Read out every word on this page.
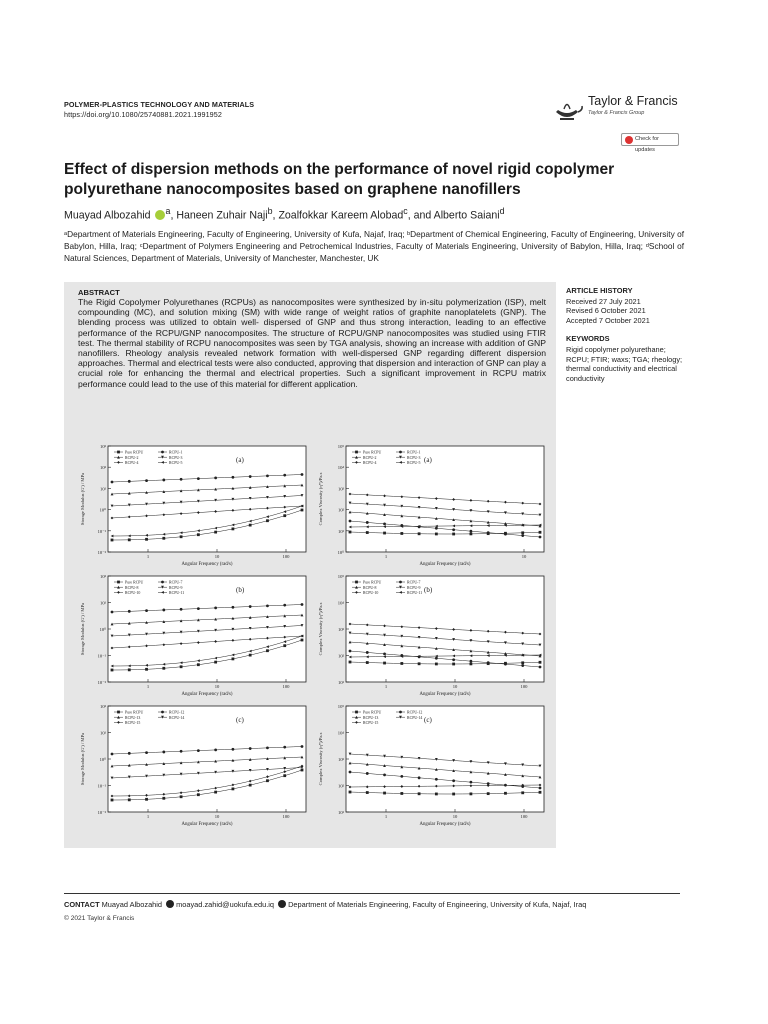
POLYMER-PLASTICS TECHNOLOGY AND MATERIALS
https://doi.org/10.1080/25740881.2021.1991952
Taylor & Francis
Taylor & Francis Group
Check for updates
Effect of dispersion methods on the performance of novel rigid copolymer polyurethane nanocomposites based on graphene nanofillers
Muayad Albozahid $^a$, Haneen Zuhair Naji$^b$, Zoalfokkar Kareem Alobad$^c$, and Alberto Saiani$^d$
ᵃDepartment of Materials Engineering, Faculty of Engineering, University of Kufa, Najaf, Iraq; ᵇDepartment of Chemical Engineering, Faculty of Engineering, University of Babylon, Hilla, Iraq; ᶜDepartment of Polymers Engineering and Petrochemical Industries, Faculty of Materials Engineering, University of Babylon, Hilla, Iraq; ᵈSchool of Natural Sciences, Department of Materials, University of Manchester, Manchester, UK
ABSTRACT
The Rigid Copolymer Polyurethanes (RCPUs) as nanocomposites were synthesized by in-situ polymerization (ISP), melt compounding (MC), and solution mixing (SM) with wide range of weight ratios of graphite nanoplatelets (GNP). The blending process was utilized to obtain well- dispersed of GNP and thus strong interaction, leading to an effective performance of the RCPU/GNP nanocomposites. The structure of RCPU/GNP nanocomposites was studied using FTIR test. The thermal stability of RCPU nanocomposites was seen by TGA analysis, showing an increase with addition of GNP nanofillers. Rheology analysis revealed network formation with well-dispersed GNP regarding different dispersion approaches. Thermal and electrical tests were also conducted, approving that dispersion and interaction of GNP can play a crucial role for enhancing the thermal and electrical properties. Such a significant improvement in RCPU matrix performance could lead to the use of this material for different application.
10³
10²
10¹
10⁰
10⁻¹
10⁻²
1	10	100
Angular Frequency (rad/s)
Storage Modulus (G') / MPa
(a)
Pure RCPU	RCPU-1
RCPU-2	RCPU-3
RCPU-4	RCPU-5
10⁵
10⁴
10³
10²
10¹
10⁰
1	10
Angular Frequency (rad/s)
Complex Viscosity (η*)/Pa.s
(a)
Pure RCPU	RCPU-1
RCPU-2	RCPU-3
RCPU-4	RCPU-5
10²
10¹
10⁰
10⁻¹
10⁻²
1	10	100
Angular Frequency (rad/s)
Storage Modulus (G') / MPa
(b)
Pure RCPU	RCPU-7
RCPU-8	RCPU-9
RCPU-10	RCPU-11
10⁵
10⁴
10³
10²
10¹
1	10	100
Angular Frequency (rad/s)
Complex Viscosity (η*)/Pa.s
(b)
Pure RCPU	RCPU-7
RCPU-8	RCPU-9
RCPU-10	RCPU-11
10²
10¹
10⁰
10⁻¹
10⁻²
1	10	100
Angular Frequency (rad/s)
Storage Modulus (G') / MPa
(c)
Pure RCPU	RCPU-12
RCPU-13	RCPU-14
RCPU-15
10⁵
10⁴
10³
10²
10¹
1	10	100
Angular Frequency (rad/s)
Complex Viscosity (η*)/Pa.s
(c)
Pure RCPU	RCPU-12
RCPU-13	RCPU-14
RCPU-15
ARTICLE HISTORY
Received 27 July 2021
Revised 6 October 2021
Accepted 7 October 2021
KEYWORDS
Rigid copolymer polyurethane; RCPU; FTIR; waxs; TGA; rheology; thermal conductivity and electrical conductivity
CONTACT Muayad Albozahid moayad.zahid@uokufa.edu.iq Department of Materials Engineering, Faculty of Engineering, University of Kufa, Najaf, Iraq
© 2021 Taylor & Francis
